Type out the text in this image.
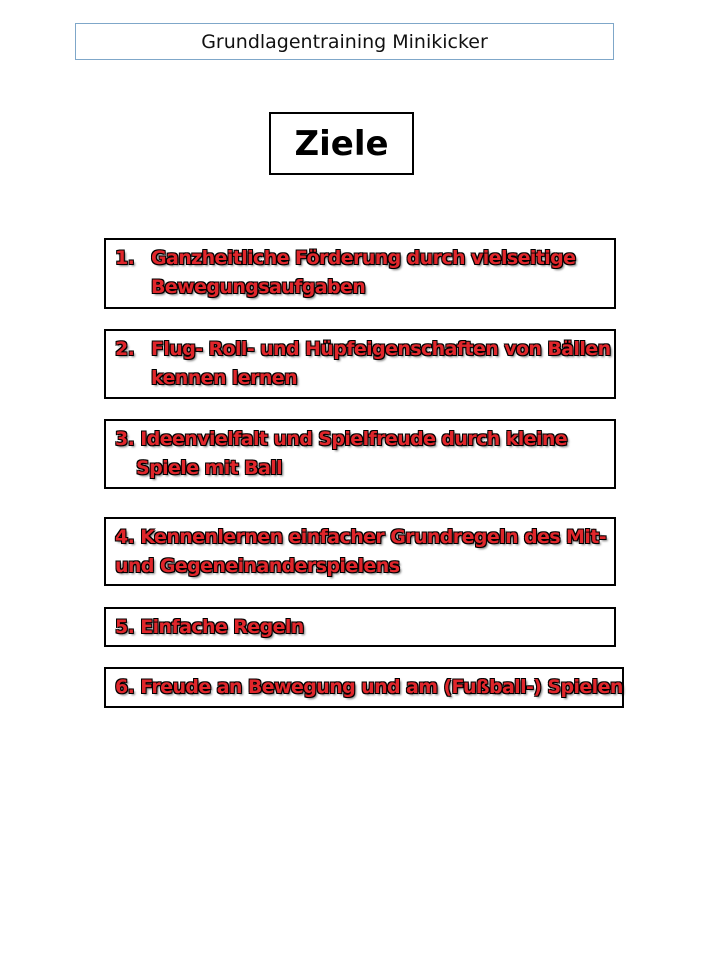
Grundlagentraining Minikicker
Ziele
1. Ganzheitliche Förderung durch vielseitige

Bewegungsaufgaben
2. Flug- Roll- und Hüpfeigenschaften von Bällen

kennen lernen
3. Ideenvielfalt und Spielfreude durch kleine
Spiele mit Ball
4. Kennenlernen einfacher Grundregeln des Mit-
und Gegeneinanderspielens
5. Einfache Regeln
6. Freude an Bewegung und am (Fußball-) Spielen
